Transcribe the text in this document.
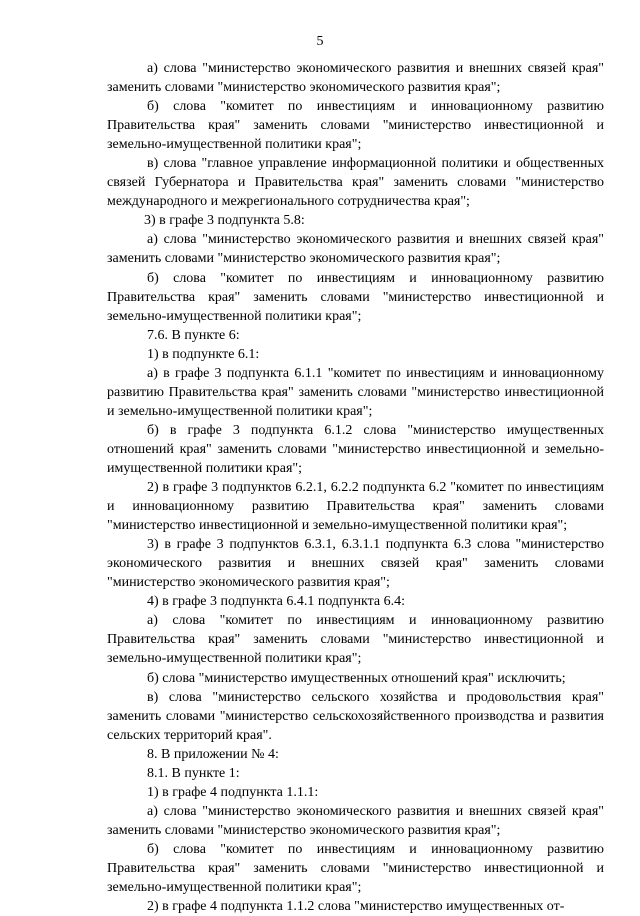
5

а) слова "министерство экономического развития и внешних связей края" заменить словами "министерство экономического развития края";

б) слова "комитет по инвестициям и инновационному развитию Правительства края" заменить словами "министерство инвестиционной и земельно-имущественной политики края";

в) слова "главное управление информационной политики и общественных связей Губернатора и Правительства края" заменить словами "министерство международного и межрегионального сотрудничества края";

3) в графе 3 подпункта 5.8:

а) слова "министерство экономического развития и внешних связей края" заменить словами "министерство экономического развития края";

б) слова "комитет по инвестициям и инновационному развитию Правительства края" заменить словами "министерство инвестиционной и земельно-имущественной политики края";

7.6. В пункте 6:

1) в подпункте 6.1:

а) в графе 3 подпункта 6.1.1 "комитет по инвестициям и инновационному развитию Правительства края" заменить словами "министерство инвестиционной и земельно-имущественной политики края";

б) в графе 3 подпункта 6.1.2 слова "министерство имущественных отношений края" заменить словами "министерство инвестиционной и земельно-имущественной политики края";

2) в графе 3 подпунктов 6.2.1, 6.2.2 подпункта 6.2 "комитет по инвестициям и инновационному развитию Правительства края" заменить словами "министерство инвестиционной и земельно-имущественной политики края";

3) в графе 3 подпунктов 6.3.1, 6.3.1.1 подпункта 6.3 слова "министерство экономического развития и внешних связей края" заменить словами "министерство экономического развития края";

4) в графе 3 подпункта 6.4.1 подпункта 6.4:

а) слова "комитет по инвестициям и инновационному развитию Правительства края" заменить словами "министерство инвестиционной и земельно-имущественной политики края";

б) слова "министерство имущественных отношений края" исключить;

в) слова "министерство сельского хозяйства и продовольствия края" заменить словами "министерство сельскохозяйственного производства и развития сельских территорий края".

8. В приложении № 4:

8.1. В пункте 1:

1) в графе 4 подпункта 1.1.1:

а) слова "министерство экономического развития и внешних связей края" заменить словами "министерство экономического развития края";

б) слова "комитет по инвестициям и инновационному развитию Правительства края" заменить словами "министерство инвестиционной и земельно-имущественной политики края";

2) в графе 4 подпункта 1.1.2 слова "министерство имущественных от-
